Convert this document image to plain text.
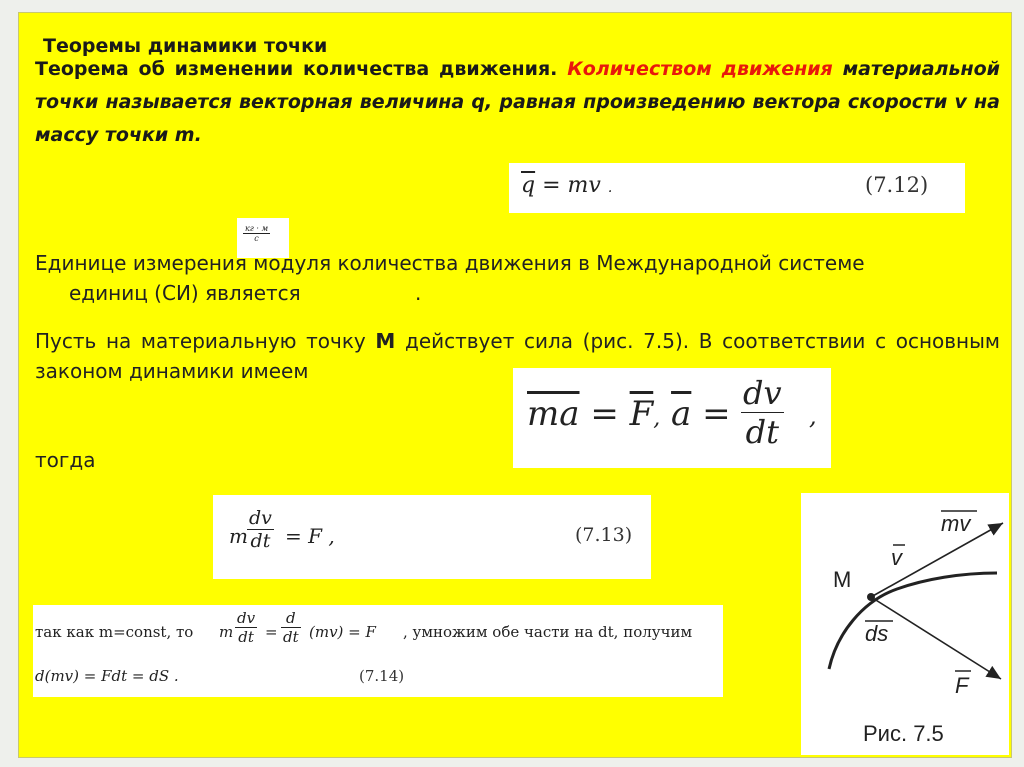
Теоремы динамики точки
Теорема об изменении количества движения. Количеством движения материальной точки называется векторная величина q, равная произведению вектора скорости v на массу точки m.
$\overline{q}$ = mv .	(7.12)
кг · м
с
Единице измерения модуля количества движения в Международной системе
единиц (СИ) является	.
Пусть на материальную точку M действует сила (рис. 7.5). В соответствии с основным законом динамики имеем
$\overline{ma} = \overline{F}$, $\overline{a} = \frac{dv}{dt}$ ,
тогда
m $\frac{dv}{dt} = F$ ,	(7.13)
так как m=const, то m $\frac{dv}{dt} = \frac{d}{dt} (mv) = F$ , умножим обе части на dt, получим
d(mv) = Fdt = dS .	(7.14)
mv
v
M
ds
F
Рис. 7.5
